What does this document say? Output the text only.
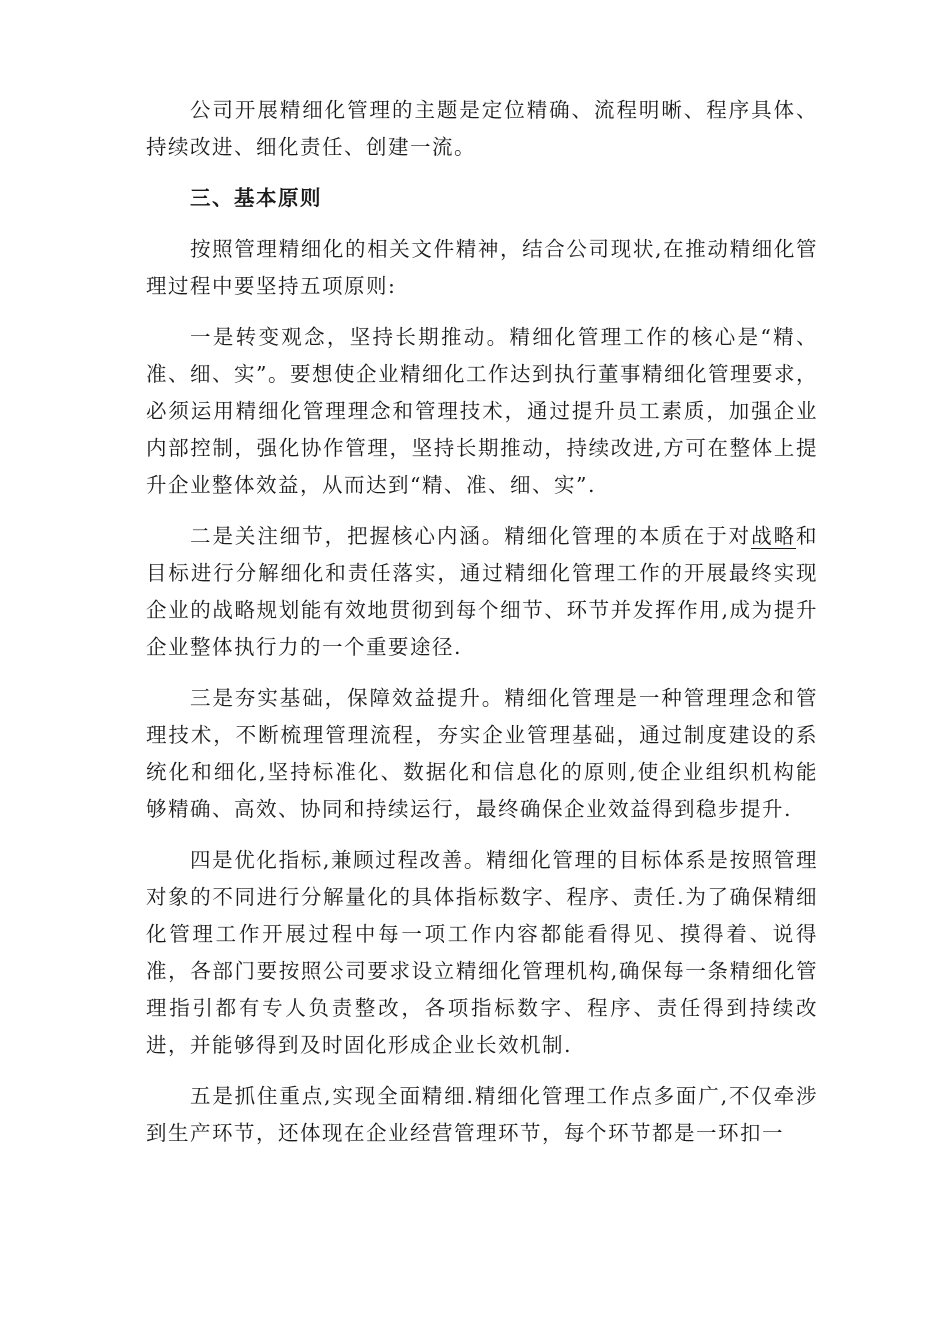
公司开展精细化管理的主题是定位精确、流程明晰、程序具体、持续改进、细化责任、创建一流。

三、基本原则

按照管理精细化的相关文件精神，结合公司现状,在推动精细化管理过程中要坚持五项原则:

一是转变观念，坚持长期推动。精细化管理工作的核心是“精、准、细、实”。要想使企业精细化工作达到执行董事精细化管理要求，必须运用精细化管理理念和管理技术，通过提升员工素质，加强企业内部控制，强化协作管理，坚持长期推动，持续改进,方可在整体上提升企业整体效益，从而达到“精、准、细、实”.

二是关注细节，把握核心内涵。精细化管理的本质在于对战略和目标进行分解细化和责任落实，通过精细化管理工作的开展最终实现企业的战略规划能有效地贯彻到每个细节、环节并发挥作用,成为提升企业整体执行力的一个重要途径.

三是夯实基础，保障效益提升。精细化管理是一种管理理念和管理技术，不断梳理管理流程，夯实企业管理基础，通过制度建设的系统化和细化,坚持标准化、数据化和信息化的原则,使企业组织机构能够精确、高效、协同和持续运行，最终确保企业效益得到稳步提升.

四是优化指标,兼顾过程改善。精细化管理的目标体系是按照管理对象的不同进行分解量化的具体指标数字、程序、责任.为了确保精细化管理工作开展过程中每一项工作内容都能看得见、摸得着、说得准，各部门要按照公司要求设立精细化管理机构,确保每一条精细化管理指引都有专人负责整改，各项指标数字、程序、责任得到持续改进，并能够得到及时固化形成企业长效机制.

五是抓住重点,实现全面精细.精细化管理工作点多面广,不仅牵涉到生产环节，还体现在企业经营管理环节，每个环节都是一环扣一
